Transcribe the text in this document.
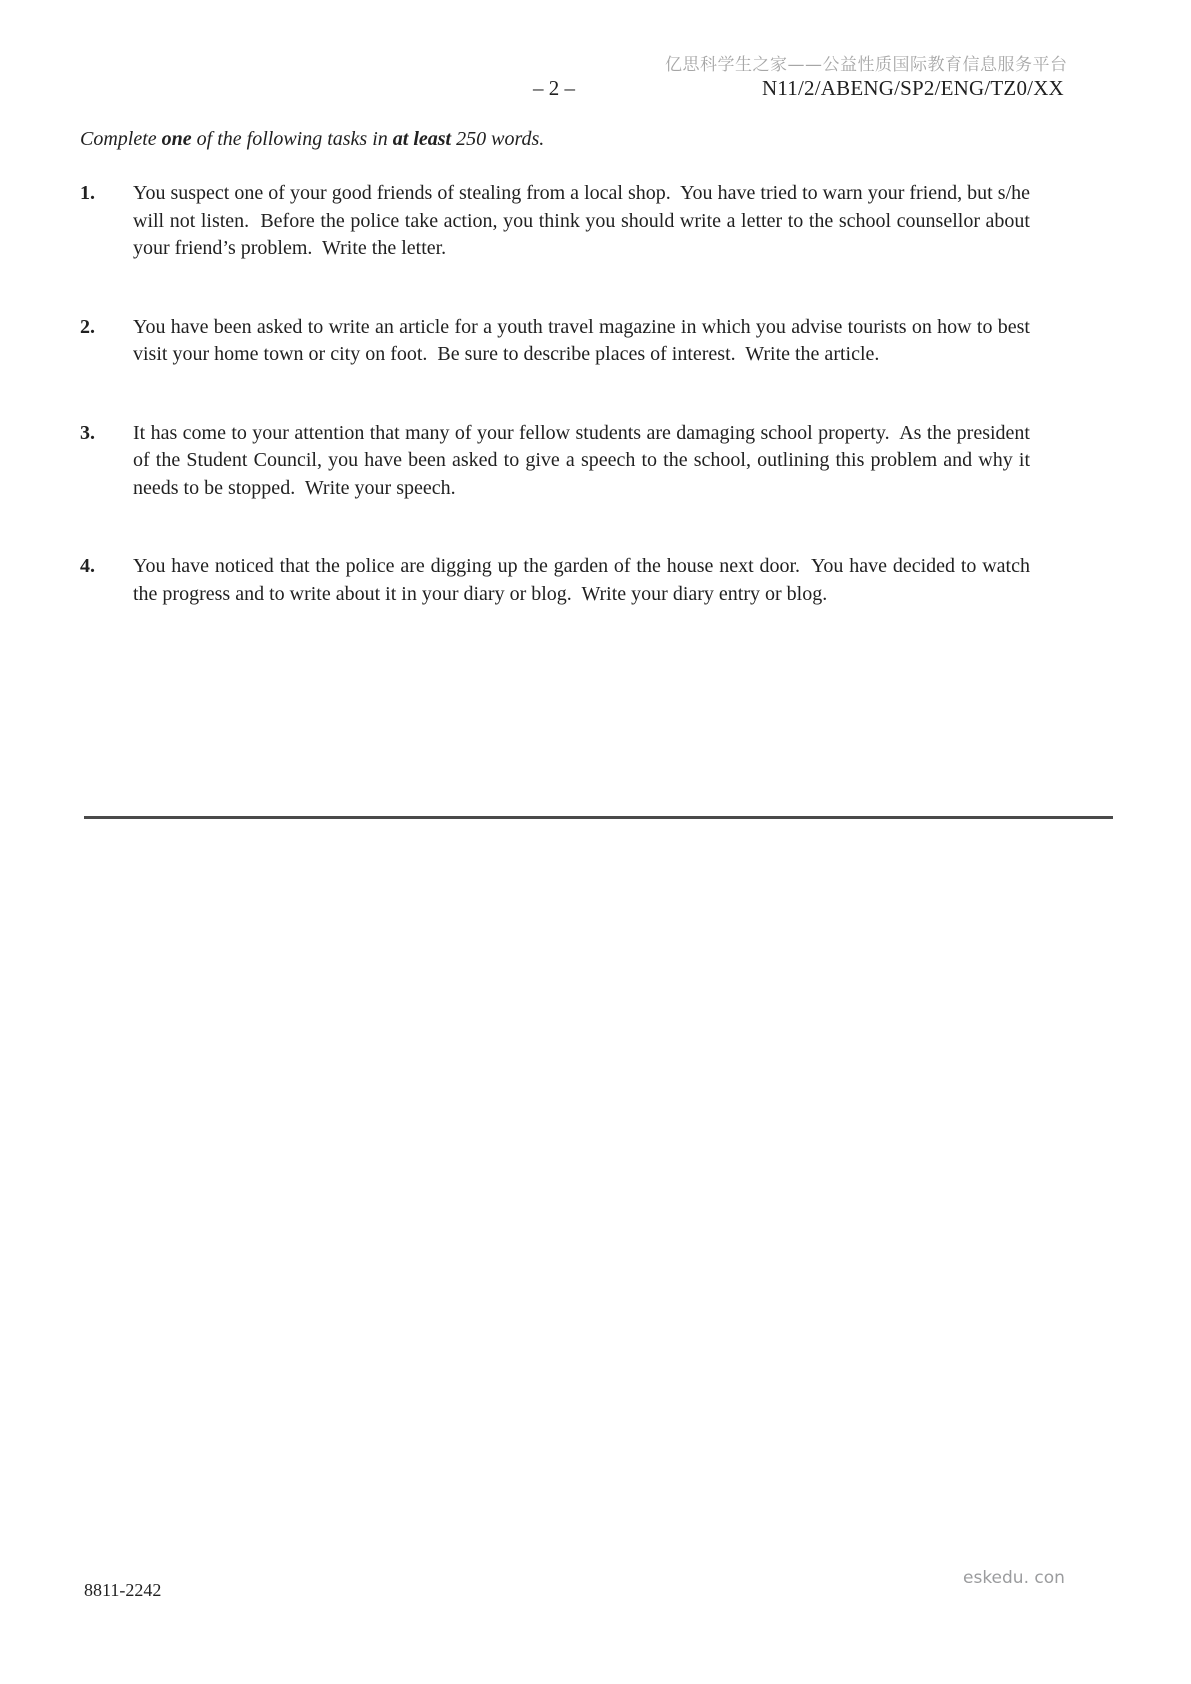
亿思科学生之家——公益性质国际教育信息服务平台
– 2 –	N11/2/ABENG/SP2/ENG/TZ0/XX
Complete one of the following tasks in at least 250 words.
1.	You suspect one of your good friends of stealing from a local shop.  You have tried to warn your friend, but s/he will not listen.  Before the police take action, you think you should write a letter to the school counsellor about your friend’s problem.  Write the letter.
2.	You have been asked to write an article for a youth travel magazine in which you advise tourists on how to best visit your home town or city on foot.  Be sure to describe places of interest.  Write the article.
3.	It has come to your attention that many of your fellow students are damaging school property.  As the president of the Student Council, you have been asked to give a speech to the school, outlining this problem and why it needs to be stopped.  Write your speech.
4.	You have noticed that the police are digging up the garden of the house next door.  You have decided to watch the progress and to write about it in your diary or blog.  Write your diary entry or blog.
8811-2242
eskedu. con
